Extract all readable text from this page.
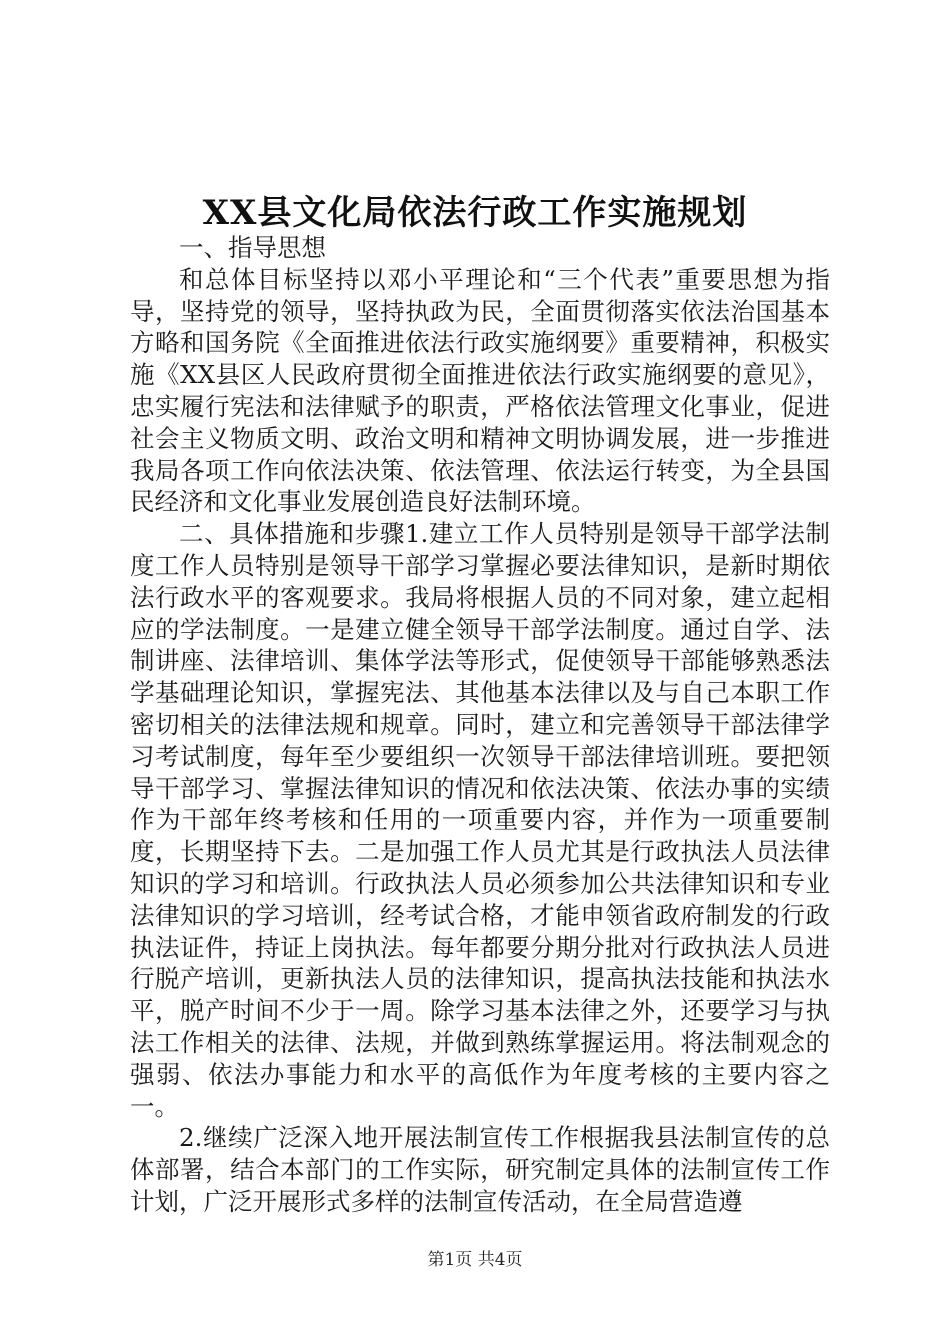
XX县文化局依法行政工作实施规划

一、指导思想

和总体目标坚持以邓小平理论和“三个代表”重要思想为指导，坚持党的领导，坚持执政为民，全面贯彻落实依法治国基本方略和国务院《全面推进依法行政实施纲要》重要精神，积极实施《XX县区人民政府贯彻全面推进依法行政实施纲要的意见》，忠实履行宪法和法律赋予的职责，严格依法管理文化事业，促进社会主义物质文明、政治文明和精神文明协调发展，进一步推进我局各项工作向依法决策、依法管理、依法运行转变，为全县国民经济和文化事业发展创造良好法制环境。

二、具体措施和步骤1.建立工作人员特别是领导干部学法制度工作人员特别是领导干部学习掌握必要法律知识，是新时期依法行政水平的客观要求。我局将根据人员的不同对象，建立起相应的学法制度。一是建立健全领导干部学法制度。通过自学、法制讲座、法律培训、集体学法等形式，促使领导干部能够熟悉法学基础理论知识，掌握宪法、其他基本法律以及与自己本职工作密切相关的法律法规和规章。同时，建立和完善领导干部法律学习考试制度，每年至少要组织一次领导干部法律培训班。要把领导干部学习、掌握法律知识的情况和依法决策、依法办事的实绩作为干部年终考核和任用的一项重要内容，并作为一项重要制度，长期坚持下去。二是加强工作人员尤其是行政执法人员法律知识的学习和培训。行政执法人员必须参加公共法律知识和专业法律知识的学习培训，经考试合格，才能申领省政府制发的行政执法证件，持证上岗执法。每年都要分期分批对行政执法人员进行脱产培训，更新执法人员的法律知识，提高执法技能和执法水平，脱产时间不少于一周。除学习基本法律之外，还要学习与执法工作相关的法律、法规，并做到熟练掌握运用。将法制观念的强弱、依法办事能力和水平的高低作为年度考核的主要内容之一。

2.继续广泛深入地开展法制宣传工作根据我县法制宣传的总体部署，结合本部门的工作实际，研究制定具体的法制宣传工作计划，广泛开展形式多样的法制宣传活动，在全局营造遵

第1页 共4页
